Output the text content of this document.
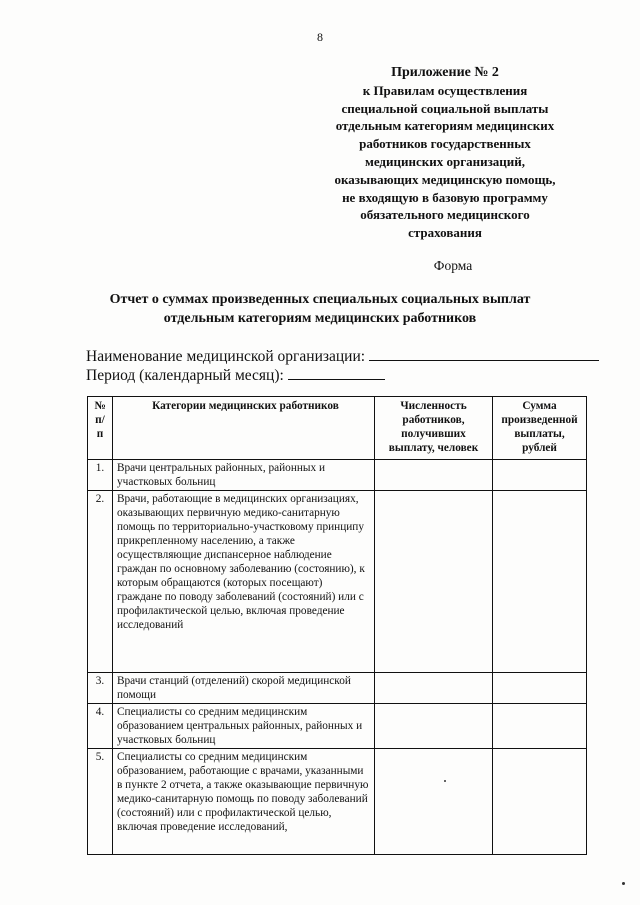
8
Приложение № 2
к Правилам осуществления
специальной социальной выплаты
отдельным категориям медицинских
работников государственных
медицинских организаций,
оказывающих медицинскую помощь,
не входящую в базовую программу
обязательного медицинского
страхования
Форма
Отчет о суммах произведенных специальных социальных выплат
отдельным категориям медицинских работников
Наименование медицинской организации:
Период (календарный месяц):
№ п/п	Категории медицинских работников	Численность работников, получивших выплату, человек	Сумма произведенной выплаты, рублей
1.	Врачи центральных районных, районных и участковых больниц		
2.	Врачи, работающие в медицинских организациях, оказывающих первичную медико-санитарную помощь по территориально-участковому принципу прикрепленному населению, а также осуществляющие диспансерное наблюдение граждан по основному заболеванию (состоянию), к которым обращаются (которых посещают) граждане по поводу заболеваний (состояний) или с профилактической целью, включая проведение исследований		
3.	Врачи станций (отделений) скорой медицинской помощи		
4.	Специалисты со средним медицинским образованием центральных районных, районных и участковых больниц		
5.	Специалисты со средним медицинским образованием, работающие с врачами, указанными в пункте 2 отчета, а также оказывающие первичную медико-санитарную помощь по поводу заболеваний (состояний) или с профилактической целью, включая проведение исследований,		
